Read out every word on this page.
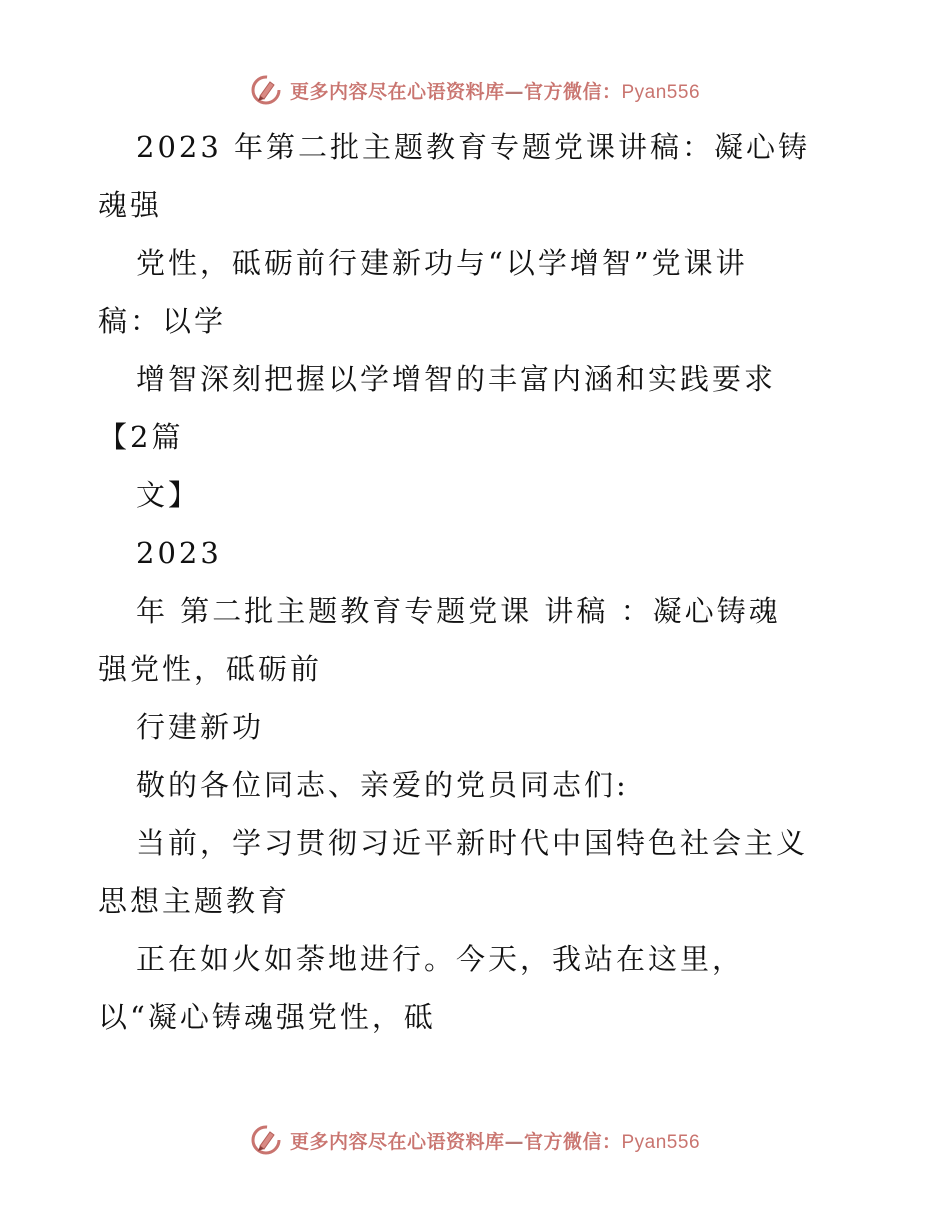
更多内容尽在心语资料库—官方微信：Pyan556
2023 年第二批主题教育专题党课讲稿：凝心铸
魂强
党性，砥砺前行建新功与“以学增智”党课讲
稿：以学
增智深刻把握以学增智的丰富内涵和实践要求
【2篇
文】
2023
年 第二批主题教育专题党课 讲稿 ：凝心铸魂
强党性，砥砺前
行建新功
敬的各位同志、亲爱的党员同志们:
当前，学习贯彻习近平新时代中国特色社会主义
思想主题教育
正在如火如荼地进行。今天，我站在这里，
以“凝心铸魂强党性，砥
更多内容尽在心语资料库—官方微信：Pyan556
